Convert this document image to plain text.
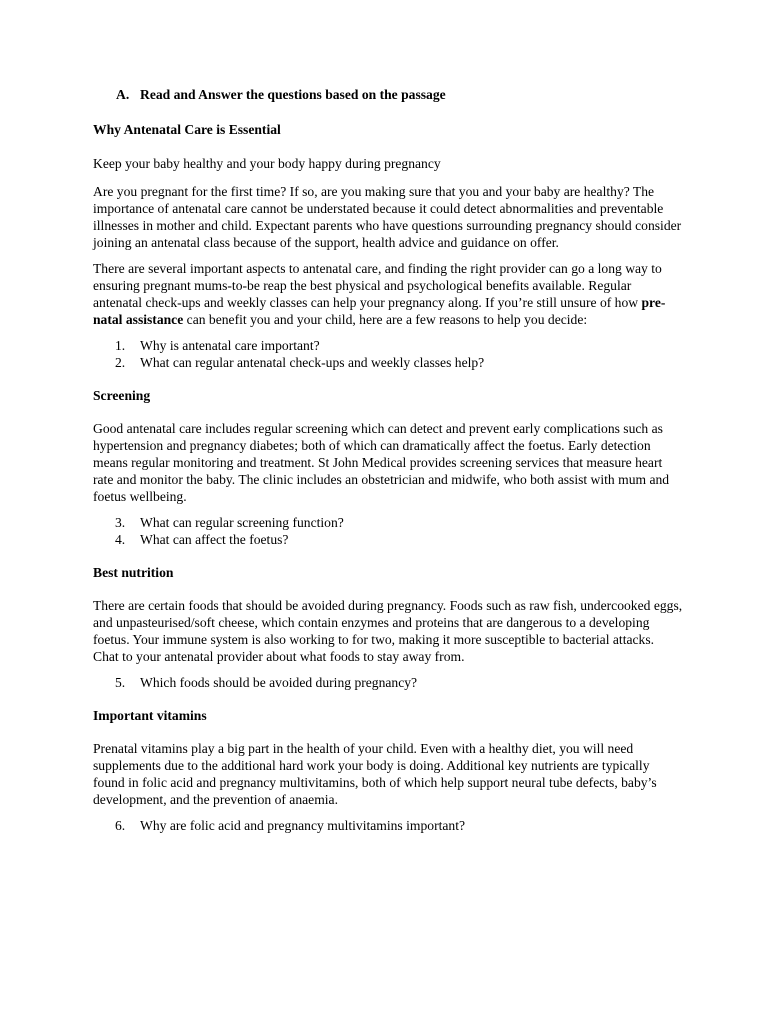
A. Read and Answer the questions based on the passage
Why Antenatal Care is Essential

Keep your baby healthy and your body happy during pregnancy

Are you pregnant for the first time? If so, are you making sure that you and your baby are healthy? The importance of antenatal care cannot be understated because it could detect abnormalities and preventable illnesses in mother and child. Expectant parents who have questions surrounding pregnancy should consider joining an antenatal class because of the support, health advice and guidance on offer.

There are several important aspects to antenatal care, and finding the right provider can go a long way to ensuring pregnant mums-to-be reap the best physical and psychological benefits available. Regular antenatal check-ups and weekly classes can help your pregnancy along. If you’re still unsure of how pre-natal assistance can benefit you and your child, here are a few reasons to help you decide:

1.	Why is antenatal care important?
2.	What can regular antenatal check-ups and weekly classes help?
Screening

Good antenatal care includes regular screening which can detect and prevent early complications such as hypertension and pregnancy diabetes; both of which can dramatically affect the foetus. Early detection means regular monitoring and treatment. St John Medical provides screening services that measure heart rate and monitor the baby. The clinic includes an obstetrician and midwife, who both assist with mum and foetus wellbeing.

3.	What can regular screening function?
4.	What can affect the foetus?
Best nutrition

There are certain foods that should be avoided during pregnancy. Foods such as raw fish, undercooked eggs, and unpasteurised/soft cheese, which contain enzymes and proteins that are dangerous to a developing foetus. Your immune system is also working to for two, making it more susceptible to bacterial attacks. Chat to your antenatal provider about what foods to stay away from.

5.	Which foods should be avoided during pregnancy?
Important vitamins

Prenatal vitamins play a big part in the health of your child. Even with a healthy diet, you will need supplements due to the additional hard work your body is doing. Additional key nutrients are typically found in folic acid and pregnancy multivitamins, both of which help support neural tube defects, baby’s development, and the prevention of anaemia.

6.	Why are folic acid and pregnancy multivitamins important?
